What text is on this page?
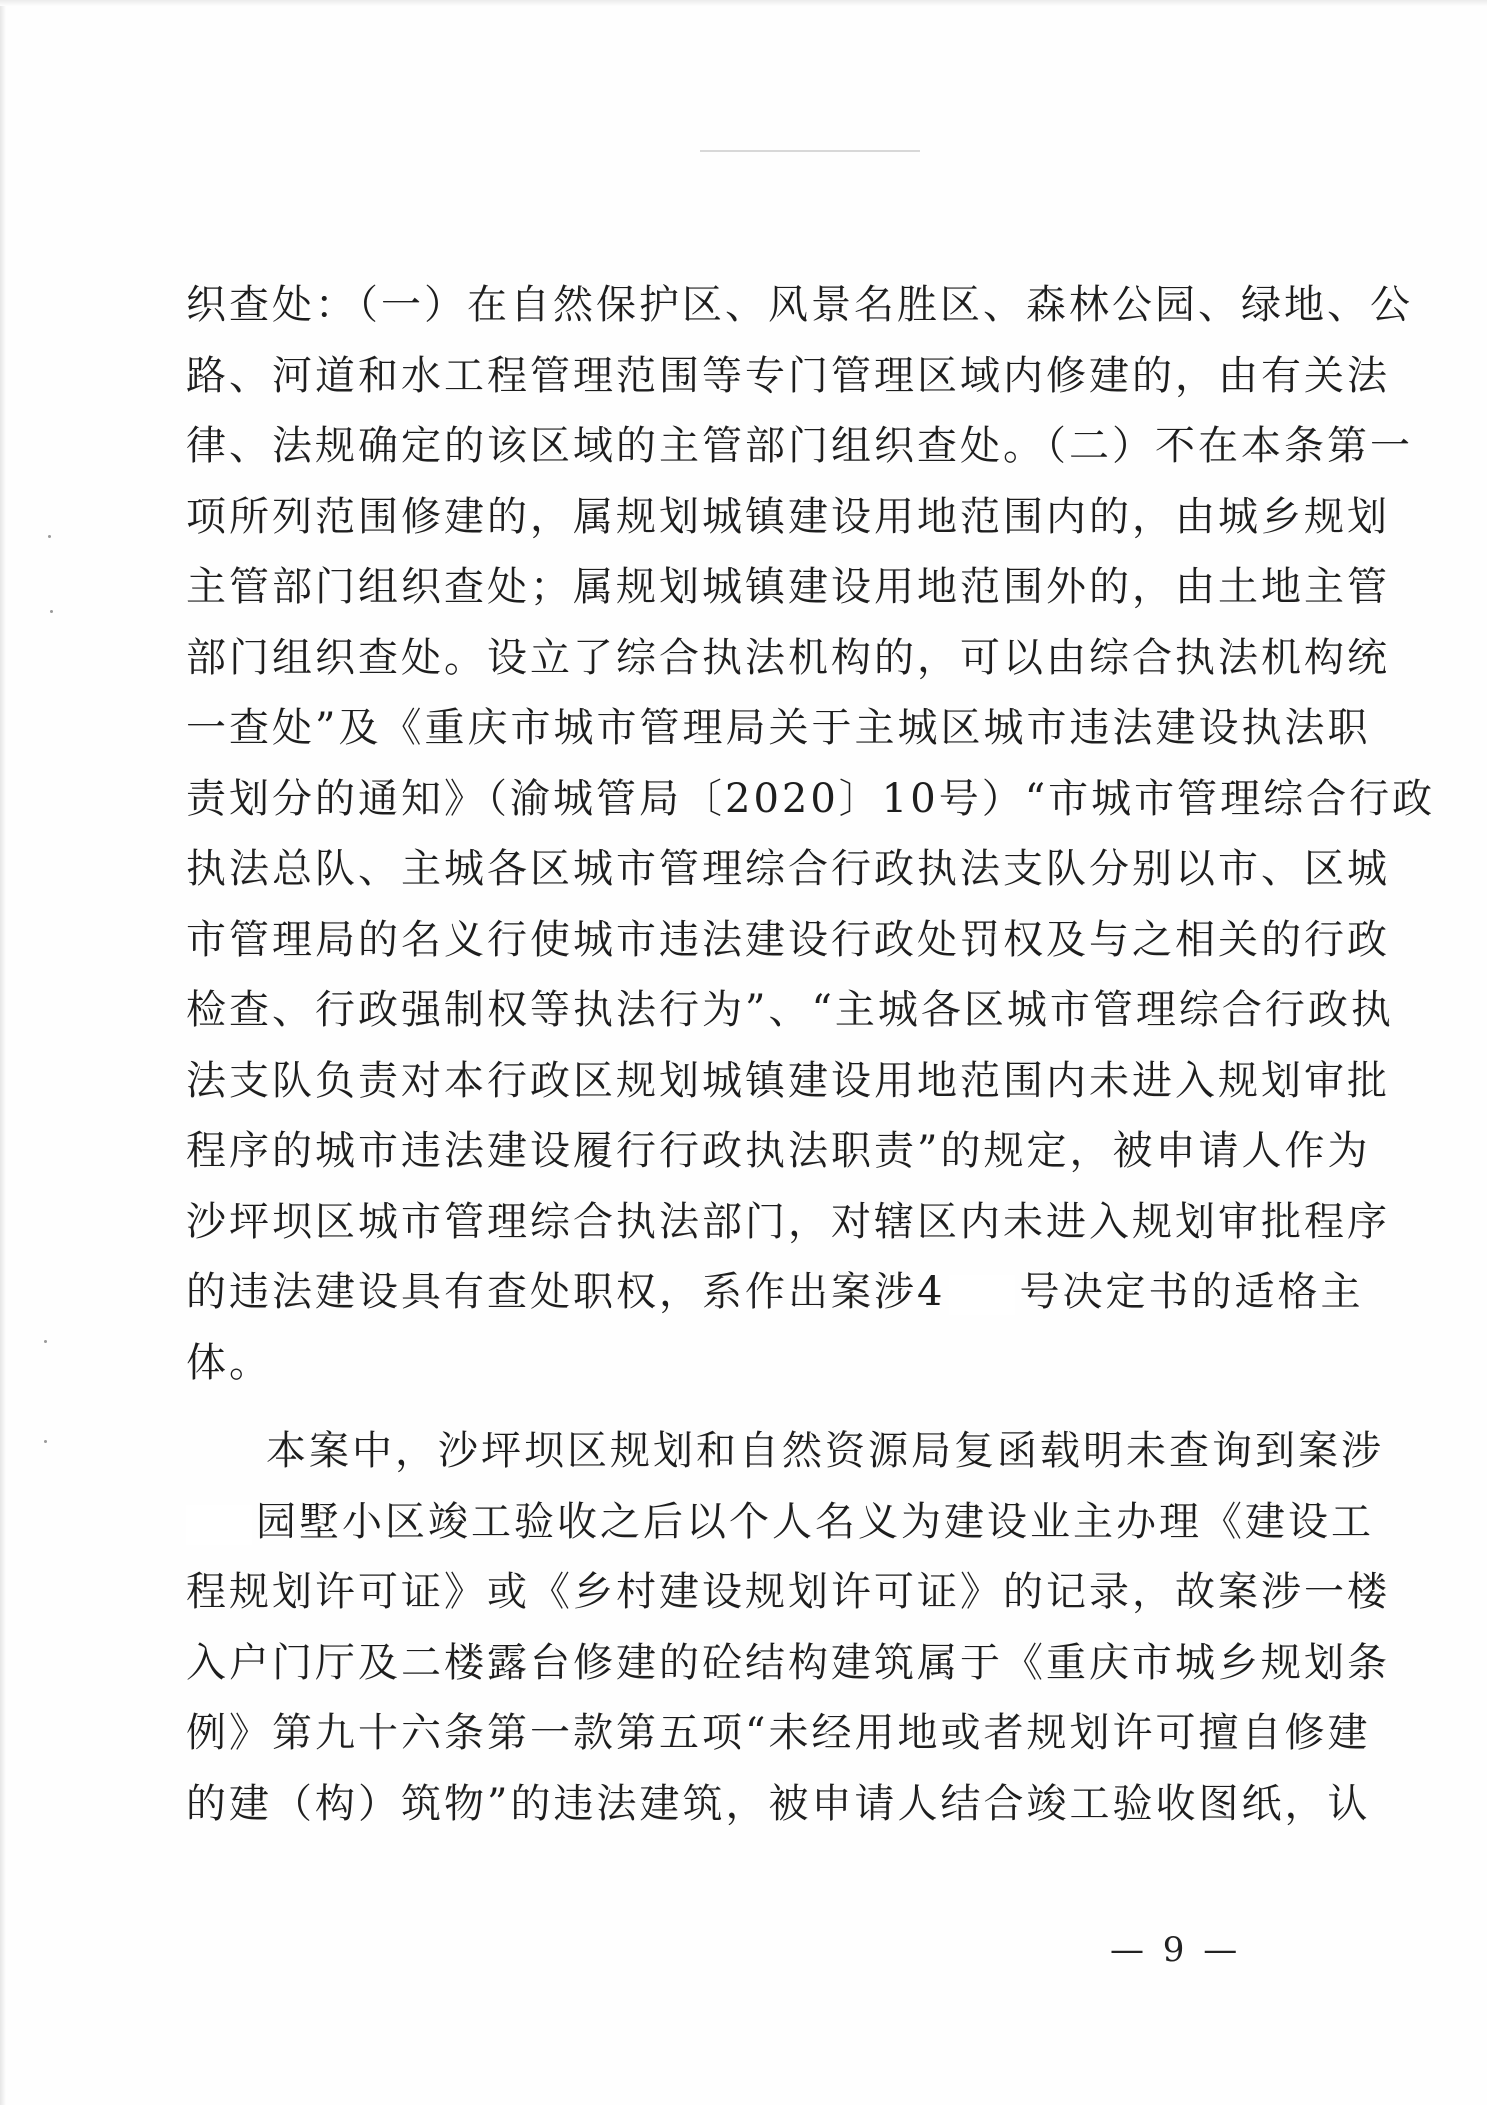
织查处：（一）在自然保护区、风景名胜区、森林公园、绿地、公
路、河道和水工程管理范围等专门管理区域内修建的，由有关法
律、法规确定的该区域的主管部门组织查处。（二）不在本条第一
项所列范围修建的，属规划城镇建设用地范围内的，由城乡规划
主管部门组织查处；属规划城镇建设用地范围外的，由土地主管
部门组织查处。设立了综合执法机构的，可以由综合执法机构统
一查处”及《重庆市城市管理局关于主城区城市违法建设执法职
责划分的通知》（渝城管局〔2020〕10号）“市城市管理综合行政
执法总队、主城各区城市管理综合行政执法支队分别以市、区城
市管理局的名义行使城市违法建设行政处罚权及与之相关的行政
检查、行政强制权等执法行为”、“主城各区城市管理综合行政执
法支队负责对本行政区规划城镇建设用地范围内未进入规划审批
程序的城市违法建设履行行政执法职责”的规定，被申请人作为
沙坪坝区城市管理综合执法部门，对辖区内未进入规划审批程序
的违法建设具有查处职权，系作出案涉4 号决定书的适格主
体。
本案中，沙坪坝区规划和自然资源局复函载明未查询到案涉
园墅小区竣工验收之后以个人名义为建设业主办理《建设工
程规划许可证》或《乡村建设规划许可证》的记录，故案涉一楼
入户门厅及二楼露台修建的砼结构建筑属于《重庆市城乡规划条
例》第九十六条第一款第五项“未经用地或者规划许可擅自修建
的建（构）筑物”的违法建筑，被申请人结合竣工验收图纸，认
— 9 —
